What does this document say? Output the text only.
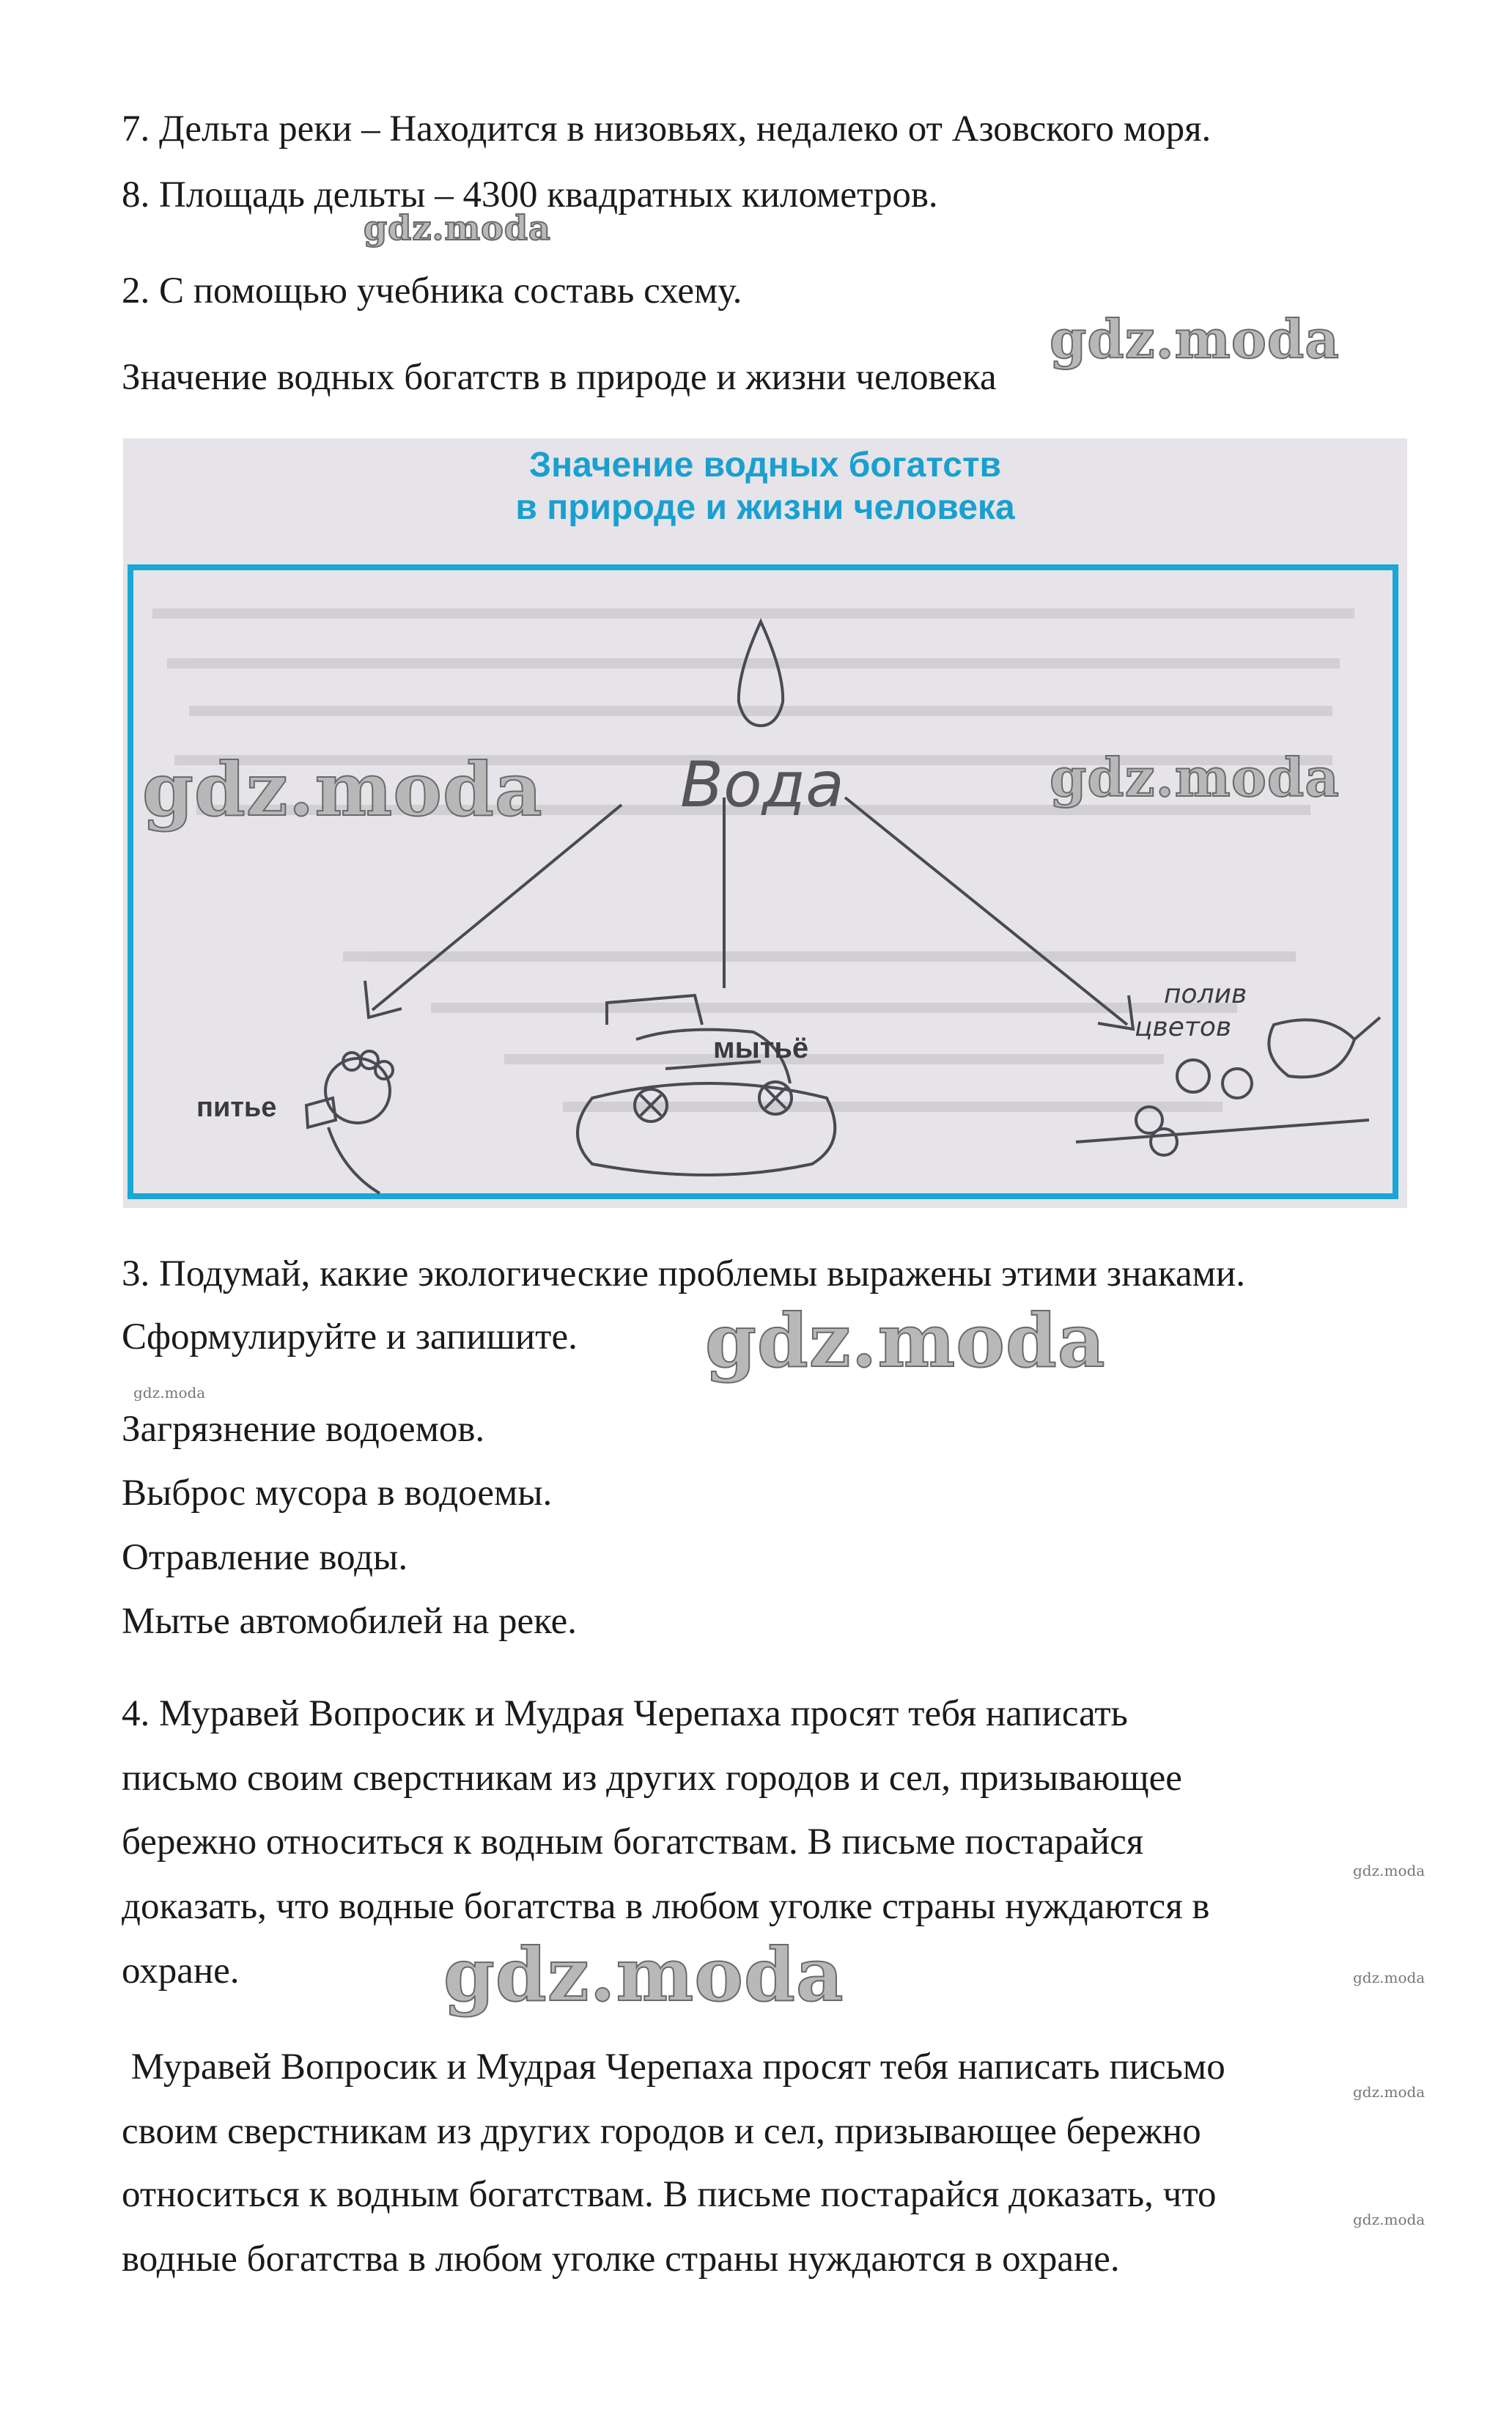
7. Дельта реки – Находится в низовьях, недалеко от Азовского моря.
8. Площадь дельты – 4300 квадратных километров.
gdz.moda
2. С помощью учебника составь схему.
gdz.moda
Значение водных богатств в природе и жизни человека
Значение водных богатств
в природе и жизни человека
Вода
питье
мытьё
полив
цветов
gdz.moda	gdz.moda
3. Подумай, какие экологические проблемы выражены этими знаками.
Сформулируйте и запишите. gdz.moda
gdz.moda
Загрязнение водоемов.
Выброс мусора в водоемы.
Отравление воды.
Мытье автомобилей на реке.
4. Муравей Вопросик и Мудрая Черепаха просят тебя написать
письмо своим сверстникам из других городов и сел, призывающее
бережно относиться к водным богатствам. В письме постарайся
gdz.moda
доказать, что водные богатства в любом уголке страны нуждаются в
охране.	gdz.moda	gdz.moda
Муравей Вопросик и Мудрая Черепаха просят тебя написать письмо
gdz.moda
своим сверстникам из других городов и сел, призывающее бережно
относиться к водным богатствам. В письме постарайся доказать, что
gdz.moda
водные богатства в любом уголке страны нуждаются в охране.
